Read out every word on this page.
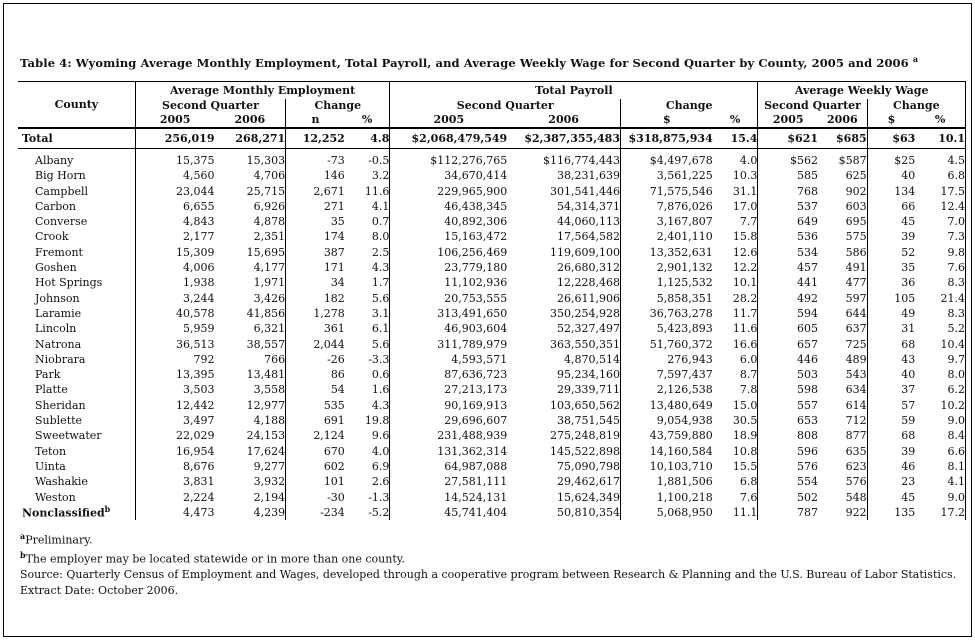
Table 4: Wyoming Average Monthly Employment, Total Payroll, and Average Weekly Wage for Second Quarter by County, 2005 and 2006 $^a$

County	Average Monthly Employment				Total Payroll				Average Weekly Wage			
	Second Quarter		Change		Second Quarter		Change		Second Quarter		Change	
	2005	2006	n	%	2005	2006	$	%	2005	2006	$	%
Total	256,019	268,271	12,252	4.8	$2,068,479,549	$2,387,355,483	$318,875,934	15.4	$621	$685	$63	10.1
Albany	15,375	15,303	-73	-0.5	$112,276,765	$116,774,443	$4,497,678	4.0	$562	$587	$25	4.5
Big Horn	4,560	4,706	146	3.2	34,670,414	38,231,639	3,561,225	10.3	585	625	40	6.8
Campbell	23,044	25,715	2,671	11.6	229,965,900	301,541,446	71,575,546	31.1	768	902	134	17.5
Carbon	6,655	6,926	271	4.1	46,438,345	54,314,371	7,876,026	17.0	537	603	66	12.4
Converse	4,843	4,878	35	0.7	40,892,306	44,060,113	3,167,807	7.7	649	695	45	7.0
Crook	2,177	2,351	174	8.0	15,163,472	17,564,582	2,401,110	15.8	536	575	39	7.3
Fremont	15,309	15,695	387	2.5	106,256,469	119,609,100	13,352,631	12.6	534	586	52	9.8
Goshen	4,006	4,177	171	4.3	23,779,180	26,680,312	2,901,132	12.2	457	491	35	7.6
Hot Springs	1,938	1,971	34	1.7	11,102,936	12,228,468	1,125,532	10.1	441	477	36	8.3
Johnson	3,244	3,426	182	5.6	20,753,555	26,611,906	5,858,351	28.2	492	597	105	21.4
Laramie	40,578	41,856	1,278	3.1	313,491,650	350,254,928	36,763,278	11.7	594	644	49	8.3
Lincoln	5,959	6,321	361	6.1	46,903,604	52,327,497	5,423,893	11.6	605	637	31	5.2
Natrona	36,513	38,557	2,044	5.6	311,789,979	363,550,351	51,760,372	16.6	657	725	68	10.4
Niobrara	792	766	-26	-3.3	4,593,571	4,870,514	276,943	6.0	446	489	43	9.7
Park	13,395	13,481	86	0.6	87,636,723	95,234,160	7,597,437	8.7	503	543	40	8.0
Platte	3,503	3,558	54	1.6	27,213,173	29,339,711	2,126,538	7.8	598	634	37	6.2
Sheridan	12,442	12,977	535	4.3	90,169,913	103,650,562	13,480,649	15.0	557	614	57	10.2
Sublette	3,497	4,188	691	19.8	29,696,607	38,751,545	9,054,938	30.5	653	712	59	9.0
Sweetwater	22,029	24,153	2,124	9.6	231,488,939	275,248,819	43,759,880	18.9	808	877	68	8.4
Teton	16,954	17,624	670	4.0	131,362,314	145,522,898	14,160,584	10.8	596	635	39	6.6
Uinta	8,676	9,277	602	6.9	64,987,088	75,090,798	10,103,710	15.5	576	623	46	8.1
Washakie	3,831	3,932	101	2.6	27,581,111	29,462,617	1,881,506	6.8	554	576	23	4.1
Weston	2,224	2,194	-30	-1.3	14,524,131	15,624,349	1,100,218	7.6	502	548	45	9.0
Nonclassified$^b$	4,473	4,239	-234	-5.2	45,741,404	50,810,354	5,068,950	11.1	787	922	135	17.2
$^a$Preliminary.
$^b$The employer may be located statewide or in more than one county.
Source: Quarterly Census of Employment and Wages, developed through a cooperative program between Research & Planning and the U.S. Bureau of Labor Statistics.
Extract Date: October 2006.
